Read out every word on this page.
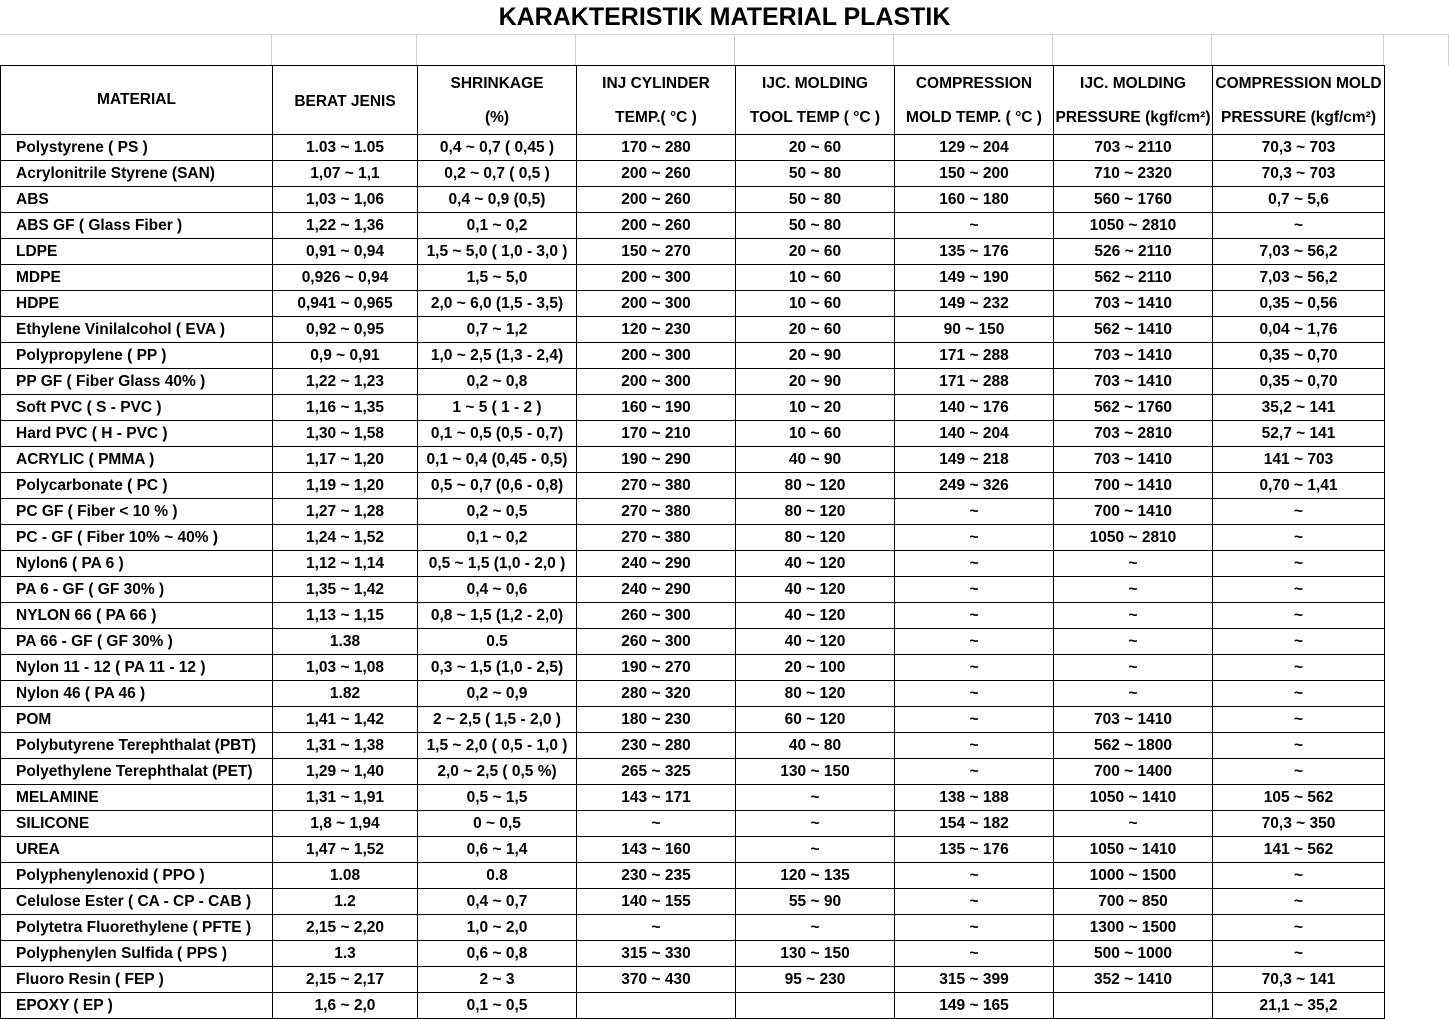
KARAKTERISTIK MATERIAL PLASTIK
MATERIAL	BERAT JENIS	SHRINKAGE	INJ CYLINDER	IJC. MOLDING	COMPRESSION	IJC. MOLDING	COMPRESSION MOLD
		(%)	TEMP.( °C )	TOOL TEMP ( °C )	MOLD TEMP. ( °C )	PRESSURE (kgf/cm²)	PRESSURE (kgf/cm²)
Polystyrene ( PS )	1.03 ~ 1.05	0,4 ~ 0,7 ( 0,45 )	170 ~ 280	20 ~ 60	129 ~ 204	703 ~ 2110	70,3 ~ 703
Acrylonitrile Styrene (SAN)	1,07 ~ 1,1	0,2 ~ 0,7 ( 0,5 )	200 ~ 260	50 ~ 80	150 ~ 200	710 ~ 2320	70,3 ~ 703
ABS	1,03 ~ 1,06	0,4 ~ 0,9 (0,5)	200 ~ 260	50 ~ 80	160 ~ 180	560 ~ 1760	0,7 ~ 5,6
ABS GF ( Glass Fiber )	1,22 ~ 1,36	0,1 ~ 0,2	200 ~ 260	50 ~ 80	~	1050 ~ 2810	~
LDPE	0,91 ~ 0,94	1,5 ~ 5,0 ( 1,0 - 3,0 )	150 ~ 270	20 ~ 60	135 ~ 176	526 ~ 2110	7,03 ~ 56,2
MDPE	0,926 ~ 0,94	1,5 ~ 5,0	200 ~ 300	10 ~ 60	149 ~ 190	562 ~ 2110	7,03 ~ 56,2
HDPE	0,941 ~ 0,965	2,0 ~ 6,0 (1,5 - 3,5)	200 ~ 300	10 ~ 60	149 ~ 232	703 ~ 1410	0,35 ~ 0,56
Ethylene Vinilalcohol ( EVA )	0,92 ~ 0,95	0,7 ~ 1,2	120 ~ 230	20 ~ 60	90 ~ 150	562 ~ 1410	0,04 ~ 1,76
Polypropylene ( PP )	0,9 ~ 0,91	1,0 ~ 2,5 (1,3 - 2,4)	200 ~ 300	20 ~ 90	171 ~ 288	703 ~ 1410	0,35 ~ 0,70
PP GF ( Fiber Glass 40% )	1,22 ~ 1,23	0,2 ~ 0,8	200 ~ 300	20 ~ 90	171 ~ 288	703 ~ 1410	0,35 ~ 0,70
Soft PVC ( S - PVC )	1,16 ~ 1,35	1 ~ 5 ( 1 - 2 )	160 ~ 190	10 ~ 20	140 ~ 176	562 ~ 1760	35,2 ~ 141
Hard PVC ( H - PVC )	1,30 ~ 1,58	0,1 ~ 0,5 (0,5 - 0,7)	170 ~ 210	10 ~ 60	140 ~ 204	703 ~ 2810	52,7 ~ 141
ACRYLIC ( PMMA )	1,17 ~ 1,20	0,1 ~ 0,4 (0,45 - 0,5)	190 ~ 290	40 ~ 90	149 ~ 218	703 ~ 1410	141 ~ 703
Polycarbonate ( PC )	1,19 ~ 1,20	0,5 ~ 0,7 (0,6 - 0,8)	270 ~ 380	80 ~ 120	249 ~ 326	700 ~ 1410	0,70 ~ 1,41
PC GF ( Fiber < 10 % )	1,27 ~ 1,28	0,2 ~ 0,5	270 ~ 380	80 ~ 120	~	700 ~ 1410	~
PC - GF ( Fiber 10% ~ 40% )	1,24 ~ 1,52	0,1 ~ 0,2	270 ~ 380	80 ~ 120	~	1050 ~ 2810	~
Nylon6 ( PA 6 )	1,12 ~ 1,14	0,5 ~ 1,5 (1,0 - 2,0 )	240 ~ 290	40 ~ 120	~	~	~
PA 6 - GF ( GF 30% )	1,35 ~ 1,42	0,4 ~ 0,6	240 ~ 290	40 ~ 120	~	~	~
NYLON 66 ( PA 66 )	1,13 ~ 1,15	0,8 ~ 1,5 (1,2 - 2,0)	260 ~ 300	40 ~ 120	~	~	~
PA 66 - GF ( GF 30% )	1.38	0.5	260 ~ 300	40 ~ 120	~	~	~
Nylon 11 - 12 ( PA 11 - 12 )	1,03 ~ 1,08	0,3 ~ 1,5 (1,0 - 2,5)	190 ~ 270	20 ~ 100	~	~	~
Nylon 46 ( PA 46 )	1.82	0,2 ~ 0,9	280 ~ 320	80 ~ 120	~	~	~
POM	1,41 ~ 1,42	2 ~ 2,5 ( 1,5 - 2,0 )	180 ~ 230	60 ~ 120	~	703 ~ 1410	~
Polybutyrene Terephthalat (PBT)	1,31 ~ 1,38	1,5 ~ 2,0 ( 0,5 - 1,0 )	230 ~ 280	40 ~ 80	~	562 ~ 1800	~
Polyethylene Terephthalat (PET)	1,29 ~ 1,40	2,0 ~ 2,5 ( 0,5 %)	265 ~ 325	130 ~ 150	~	700 ~ 1400	~
MELAMINE	1,31 ~ 1,91	0,5 ~ 1,5	143 ~ 171	~	138 ~ 188	1050 ~ 1410	105 ~ 562
SILICONE	1,8 ~ 1,94	0 ~ 0,5	~	~	154 ~ 182	~	70,3 ~ 350
UREA	1,47 ~ 1,52	0,6 ~ 1,4	143 ~ 160	~	135 ~ 176	1050 ~ 1410	141 ~ 562
Polyphenylenoxid ( PPO )	1.08	0.8	230 ~ 235	120 ~ 135	~	1000 ~ 1500	~
Celulose Ester ( CA - CP - CAB )	1.2	0,4 ~ 0,7	140 ~ 155	55 ~ 90	~	700 ~ 850	~
Polytetra Fluorethylene ( PFTE )	2,15 ~ 2,20	1,0 ~ 2,0	~	~	~	1300 ~ 1500	~
Polyphenylen Sulfida ( PPS )	1.3	0,6 ~ 0,8	315 ~ 330	130 ~ 150	~	500 ~ 1000	~
Fluoro Resin ( FEP )	2,15 ~ 2,17	2 ~ 3	370 ~ 430	95 ~ 230	315 ~ 399	352 ~ 1410	70,3 ~ 141
EPOXY ( EP )	1,6 ~ 2,0	0,1 ~ 0,5			149 ~ 165		21,1 ~ 35,2
